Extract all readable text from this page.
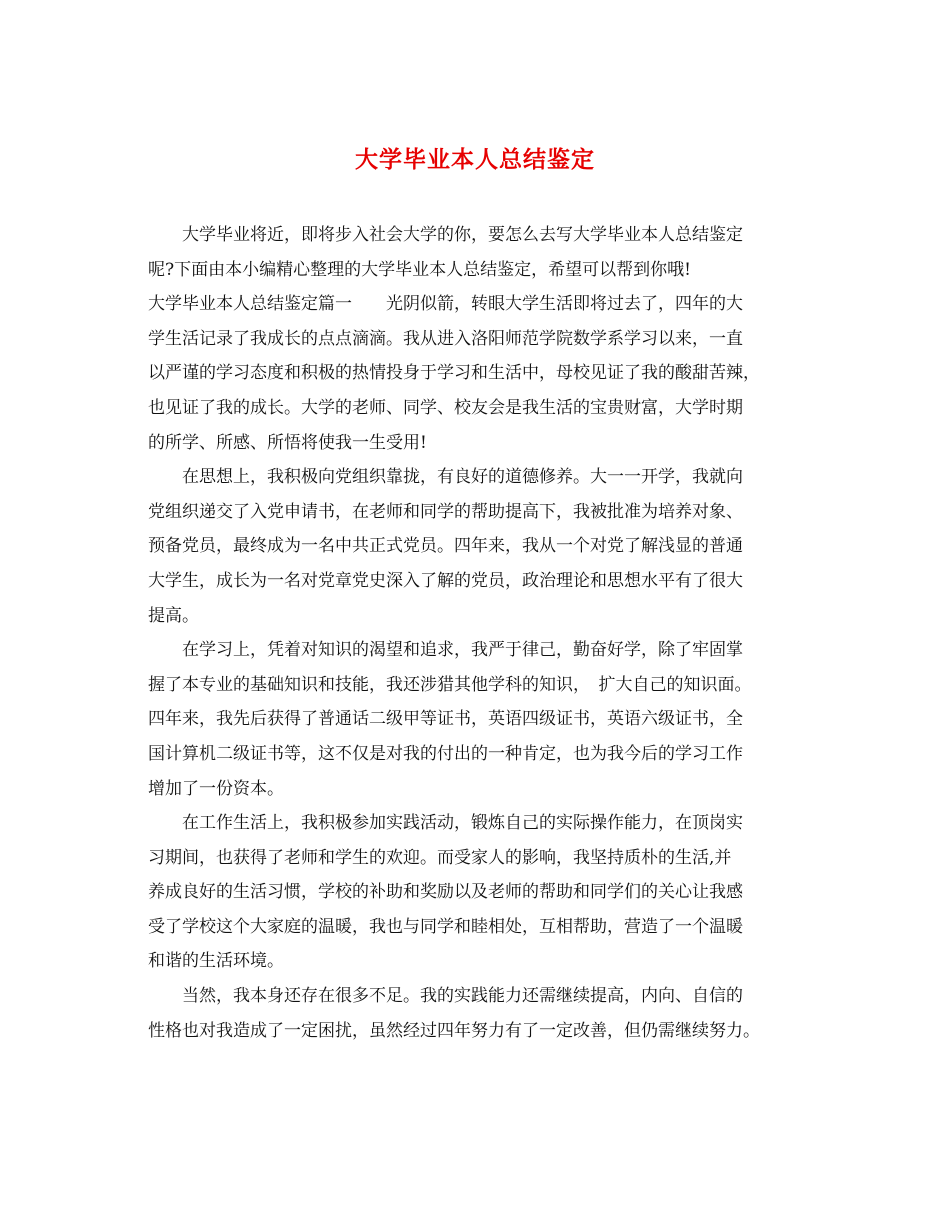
大学毕业本人总结鉴定
大学毕业将近，即将步入社会大学的你，要怎么去写大学毕业本人总结鉴定
呢?下面由本小编精心整理的大学毕业本人总结鉴定，希望可以帮到你哦!
大学毕业本人总结鉴定篇一　　光阴似箭，转眼大学生活即将过去了，四年的大
学生活记录了我成长的点点滴滴。我从进入洛阳师范学院数学系学习以来，一直
以严谨的学习态度和积极的热情投身于学习和生活中，母校见证了我的酸甜苦辣，
也见证了我的成长。大学的老师、同学、校友会是我生活的宝贵财富，大学时期
的所学、所感、所悟将使我一生受用!
在思想上，我积极向党组织靠拢，有良好的道德修养。大一一开学，我就向
党组织递交了入党申请书，在老师和同学的帮助提高下，我被批准为培养对象、
预备党员，最终成为一名中共正式党员。四年来，我从一个对党了解浅显的普通
大学生，成长为一名对党章党史深入了解的党员，政治理论和思想水平有了很大
提高。
在学习上，凭着对知识的渴望和追求，我严于律己，勤奋好学，除了牢固掌
握了本专业的基础知识和技能，我还涉猎其他学科的知识，　扩大自己的知识面。
四年来，我先后获得了普通话二级甲等证书，英语四级证书，英语六级证书，全
国计算机二级证书等，这不仅是对我的付出的一种肯定，也为我今后的学习工作
增加了一份资本。
在工作生活上，我积极参加实践活动，锻炼自己的实际操作能力，在顶岗实
习期间，也获得了老师和学生的欢迎。而受家人的影响，我坚持质朴的生活,并
养成良好的生活习惯，学校的补助和奖励以及老师的帮助和同学们的关心让我感
受了学校这个大家庭的温暖，我也与同学和睦相处，互相帮助，营造了一个温暖
和谐的生活环境。
当然，我本身还存在很多不足。我的实践能力还需继续提高，内向、自信的
性格也对我造成了一定困扰，虽然经过四年努力有了一定改善，但仍需继续努力。
